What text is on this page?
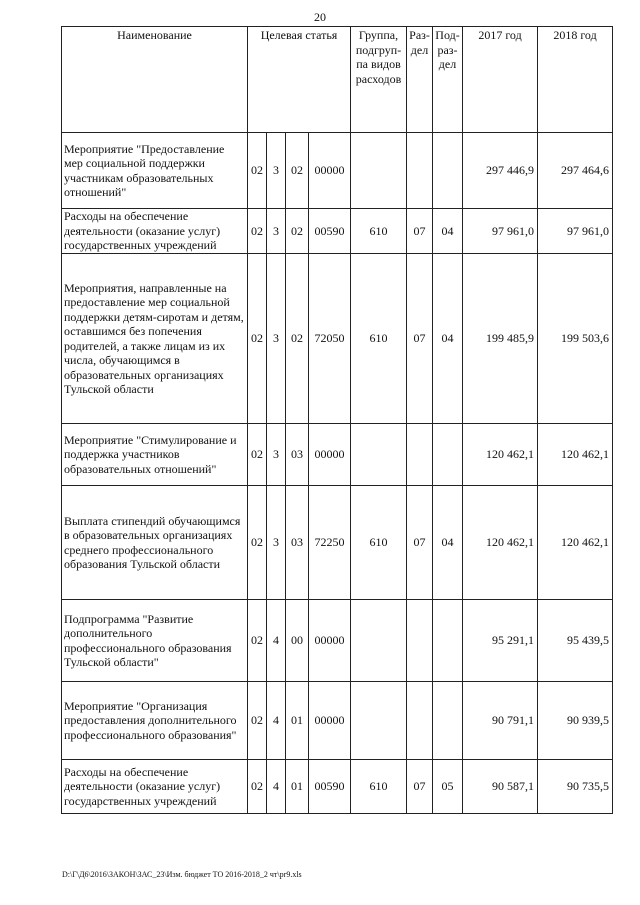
20
Наименование	Целевая статья				Группа, подгруп-па видов расходов	Раз-дел	Под-раз-дел	2017 год	2018 год
Мероприятие "Предоставление мер социальной поддержки участникам образовательных отношений"	02	3	02	00000				297 446,9	297 464,6
Расходы на обеспечение деятельности (оказание услуг) государственных учреждений	02	3	02	00590	610	07	04	97 961,0	97 961,0
Мероприятия, направленные на предоставление мер социальной поддержки детям-сиротам и детям, оставшимся без попечения родителей, а также лицам из их числа, обучающимся в образовательных организациях Тульской области	02	3	02	72050	610	07	04	199 485,9	199 503,6
Мероприятие "Стимулирование и поддержка участников образовательных отношений"	02	3	03	00000				120 462,1	120 462,1
Выплата стипендий обучающимся в образовательных организациях среднего профессионального образования Тульской области	02	3	03	72250	610	07	04	120 462,1	120 462,1
Подпрограмма "Развитие дополнительного профессионального образования Тульской области"	02	4	00	00000				95 291,1	95 439,5
Мероприятие "Организация предоставления дополнительного профессионального образования"	02	4	01	00000				90 791,1	90 939,5
Расходы на обеспечение деятельности (оказание услуг) государственных учреждений	02	4	01	00590	610	07	05	90 587,1	90 735,5
D:\Г\Д6\2016\ЗАКОН\ЗАС_23\Изм. бюджет ТО 2016-2018_2 чт\pr9.xls
